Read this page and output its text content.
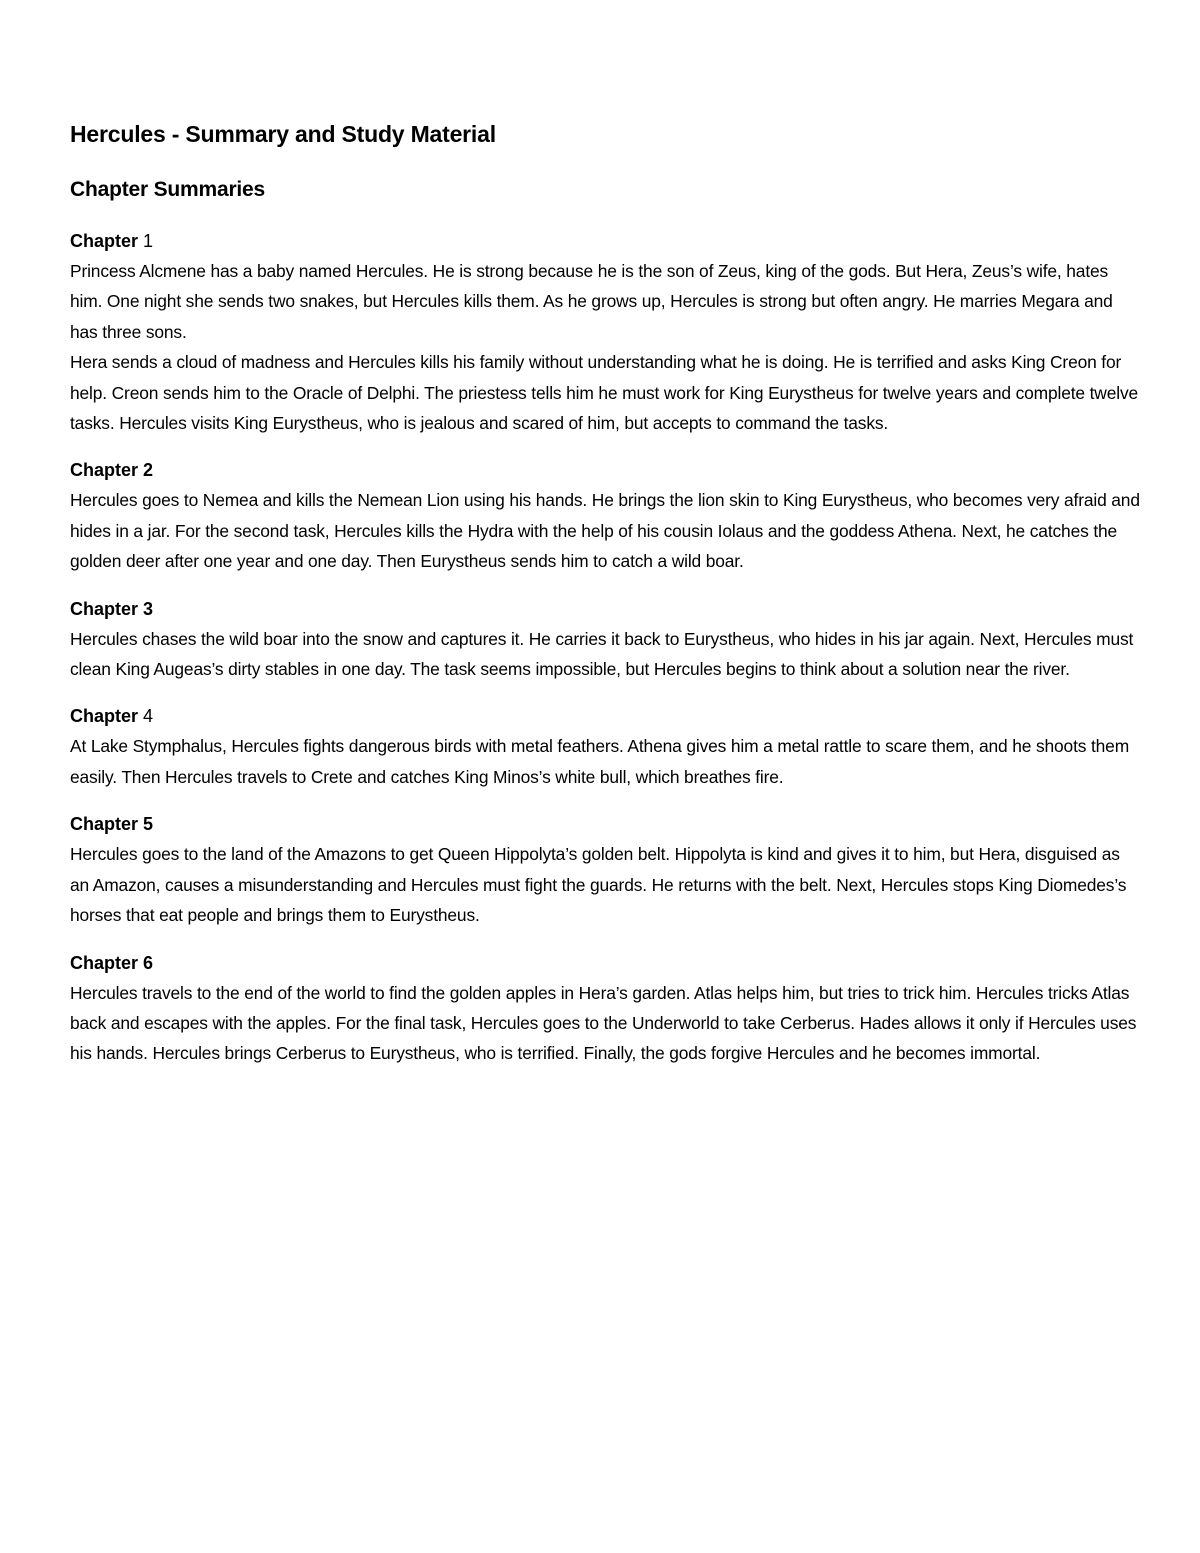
Hercules - Summary and Study Material
Chapter Summaries

Chapter 1

Princess Alcmene has a baby named Hercules. He is strong because he is the son of Zeus, king of the gods. But Hera, Zeus’s wife, hates him. One night she sends two snakes, but Hercules kills them. As he grows up, Hercules is strong but often angry. He marries Megara and has three sons.

Hera sends a cloud of madness and Hercules kills his family without understanding what he is doing. He is terrified and asks King Creon for help. Creon sends him to the Oracle of Delphi. The priestess tells him he must work for King Eurystheus for twelve years and complete twelve tasks. Hercules visits King Eurystheus, who is jealous and scared of him, but accepts to command the tasks.

Chapter 2

Hercules goes to Nemea and kills the Nemean Lion using his hands. He brings the lion skin to King Eurystheus, who becomes very afraid and hides in a jar. For the second task, Hercules kills the Hydra with the help of his cousin Iolaus and the goddess Athena. Next, he catches the golden deer after one year and one day. Then Eurystheus sends him to catch a wild boar.

Chapter 3

Hercules chases the wild boar into the snow and captures it. He carries it back to Eurystheus, who hides in his jar again. Next, Hercules must clean King Augeas’s dirty stables in one day. The task seems impossible, but Hercules begins to think about a solution near the river.

Chapter 4

At Lake Stymphalus, Hercules fights dangerous birds with metal feathers. Athena gives him a metal rattle to scare them, and he shoots them easily. Then Hercules travels to Crete and catches King Minos’s white bull, which breathes fire.

Chapter 5

Hercules goes to the land of the Amazons to get Queen Hippolyta’s golden belt. Hippolyta is kind and gives it to him, but Hera, disguised as an Amazon, causes a misunderstanding and Hercules must fight the guards. He returns with the belt. Next, Hercules stops King Diomedes’s horses that eat people and brings them to Eurystheus.

Chapter 6

Hercules travels to the end of the world to find the golden apples in Hera’s garden. Atlas helps him, but tries to trick him. Hercules tricks Atlas back and escapes with the apples. For the final task, Hercules goes to the Underworld to take Cerberus. Hades allows it only if Hercules uses his hands. Hercules brings Cerberus to Eurystheus, who is terrified. Finally, the gods forgive Hercules and he becomes immortal.
